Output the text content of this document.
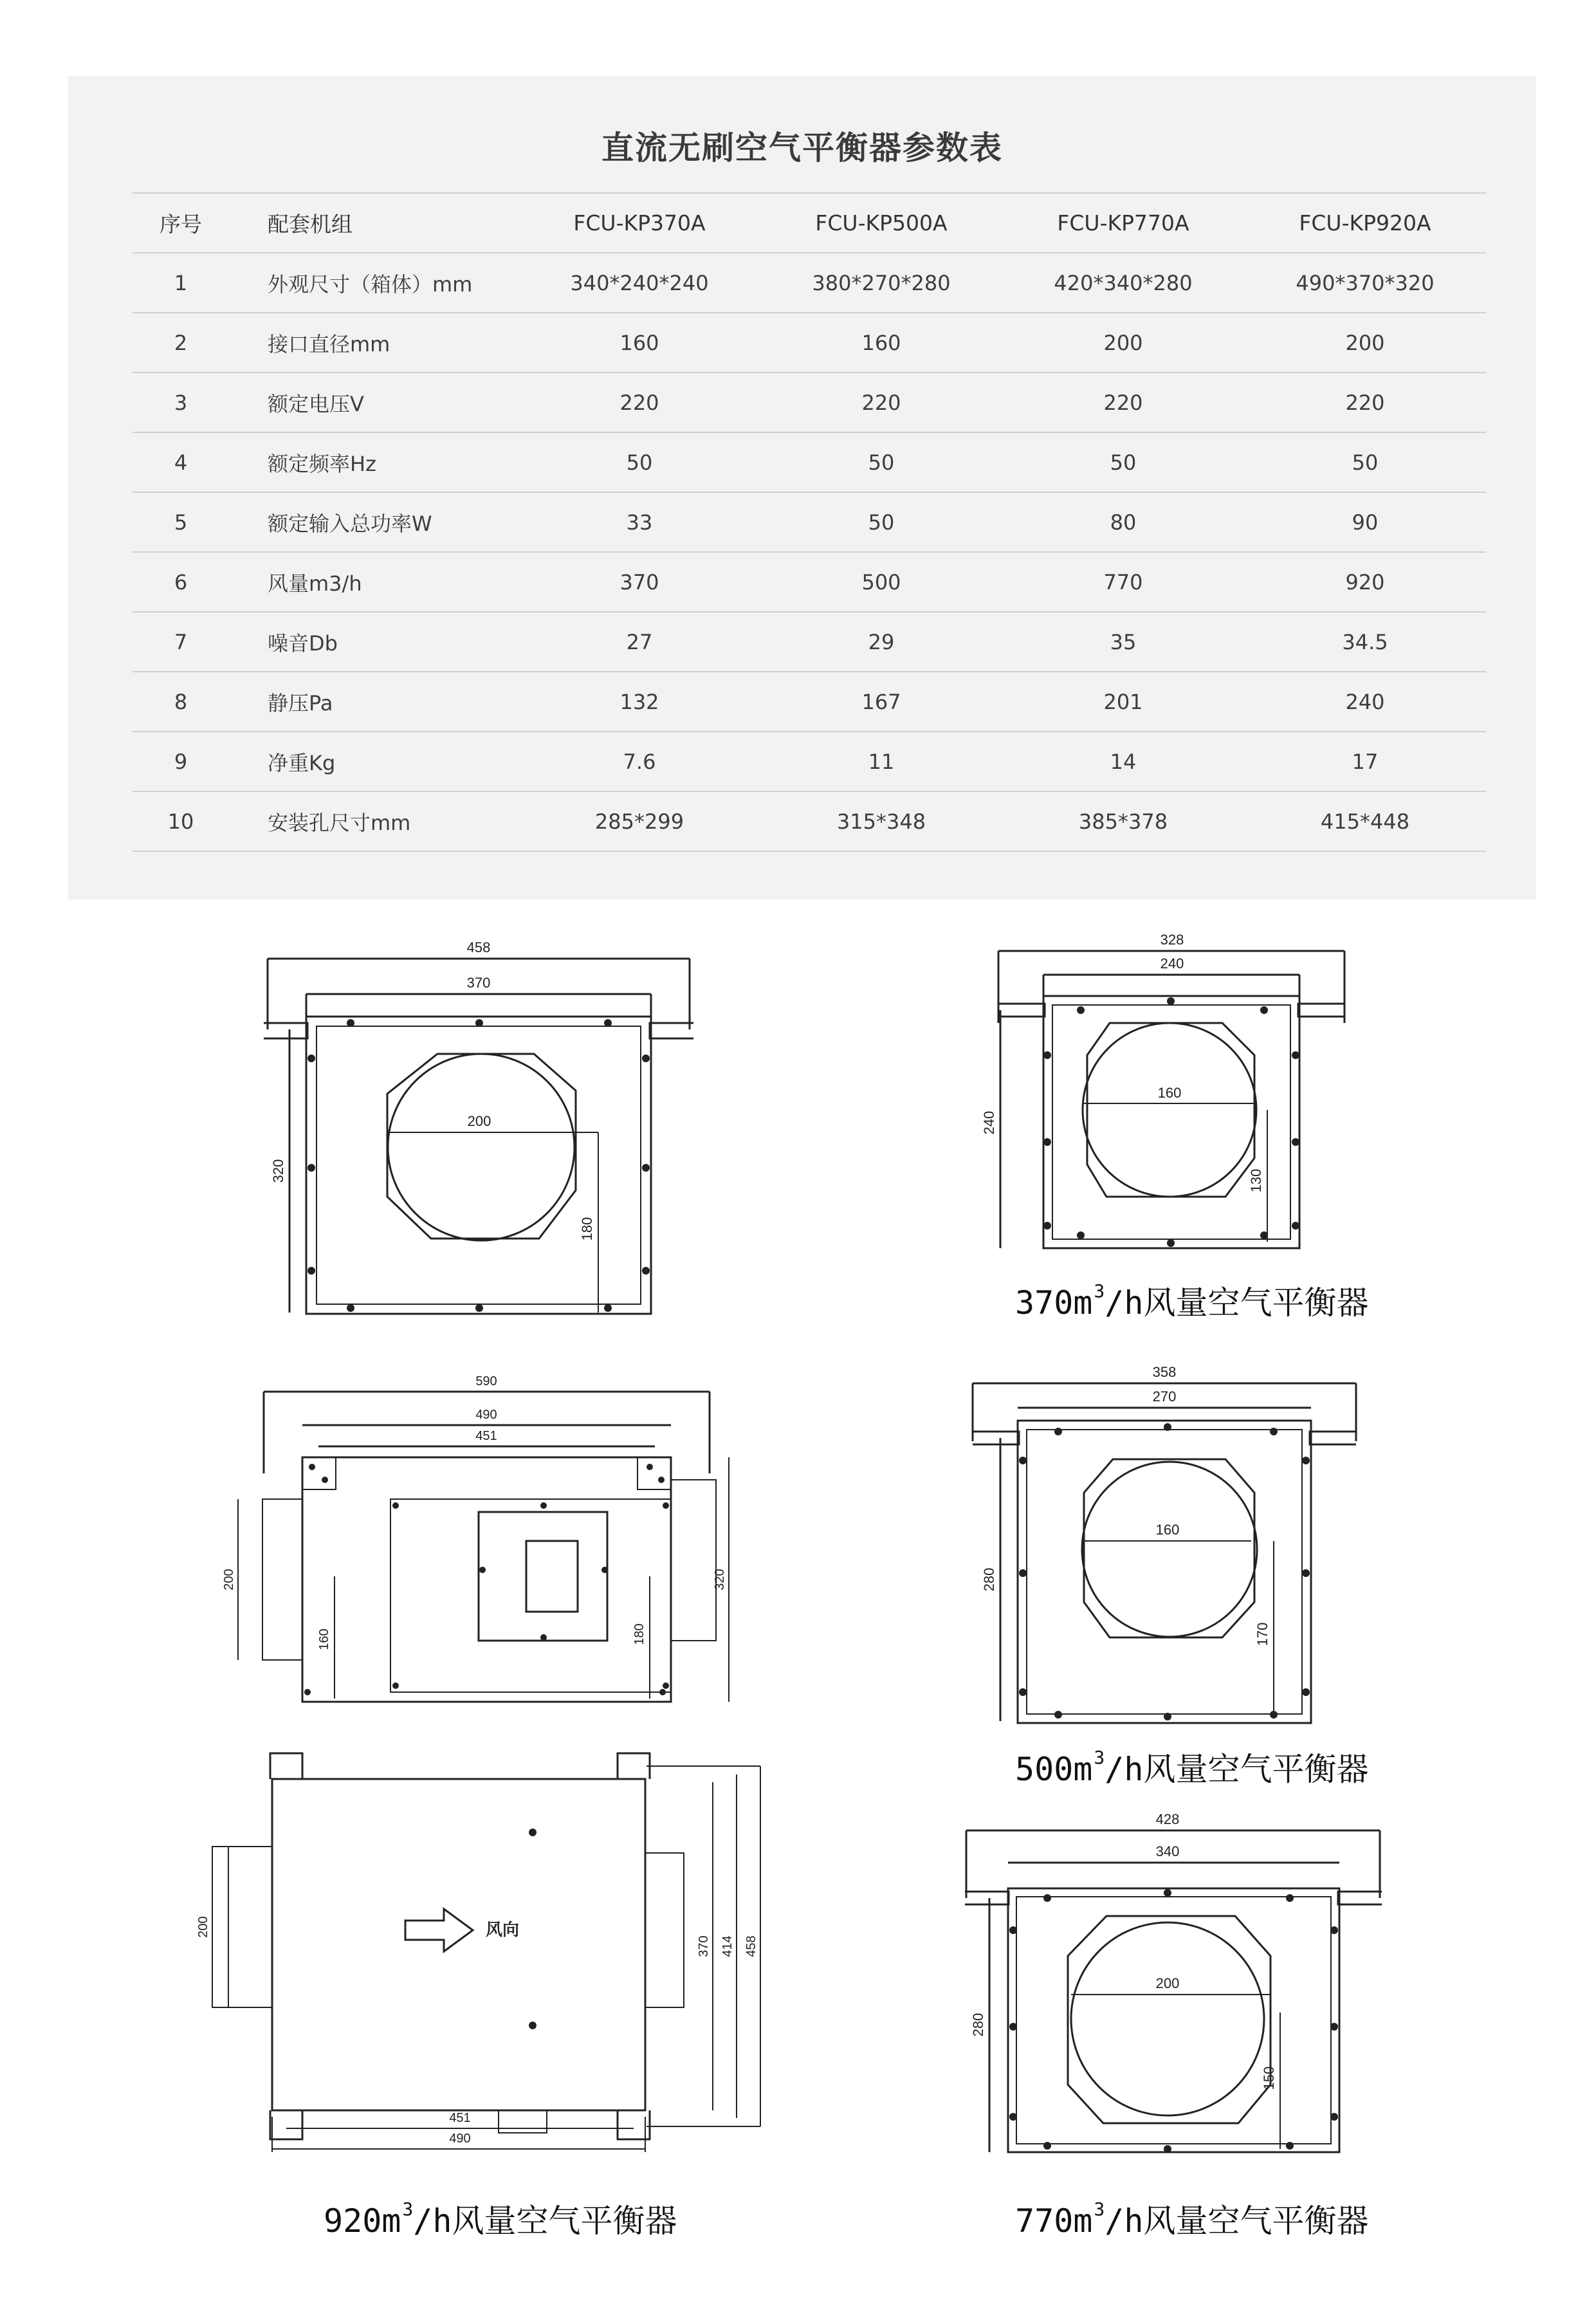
直流无刷空气平衡器参数表
序号	配套机组	FCU-KP370A	FCU-KP500A	FCU-KP770A	FCU-KP920A
1	外观尺寸（箱体）mm	340*240*240	380*270*280	420*340*280	490*370*320
2	接口直径mm	160	160	200	200
3	额定电压V	220	220	220	220
4	额定频率Hz	50	50	50	50
5	额定输入总功率W	33	50	80	90
6	风量m3/h	370	500	770	920
7	噪音Db	27	29	35	34.5
8	静压Pa	132	167	201	240
9	净重Kg	7.6	11	14	17
10	安装孔尺寸mm	285*299	315*348	385*378	415*448
458
370
320
200
180
328
240
240
160
130
590
490
451
200
160	180
320
358
270
280
160
170
370 414 458
200
451
490
风向
428
340
280
200
150
$370m^3/h$风量空气平衡器
$500m^3/h$风量空气平衡器
$920m^3/h$风量空气平衡器	$770m^3/h$风量空气平衡器
